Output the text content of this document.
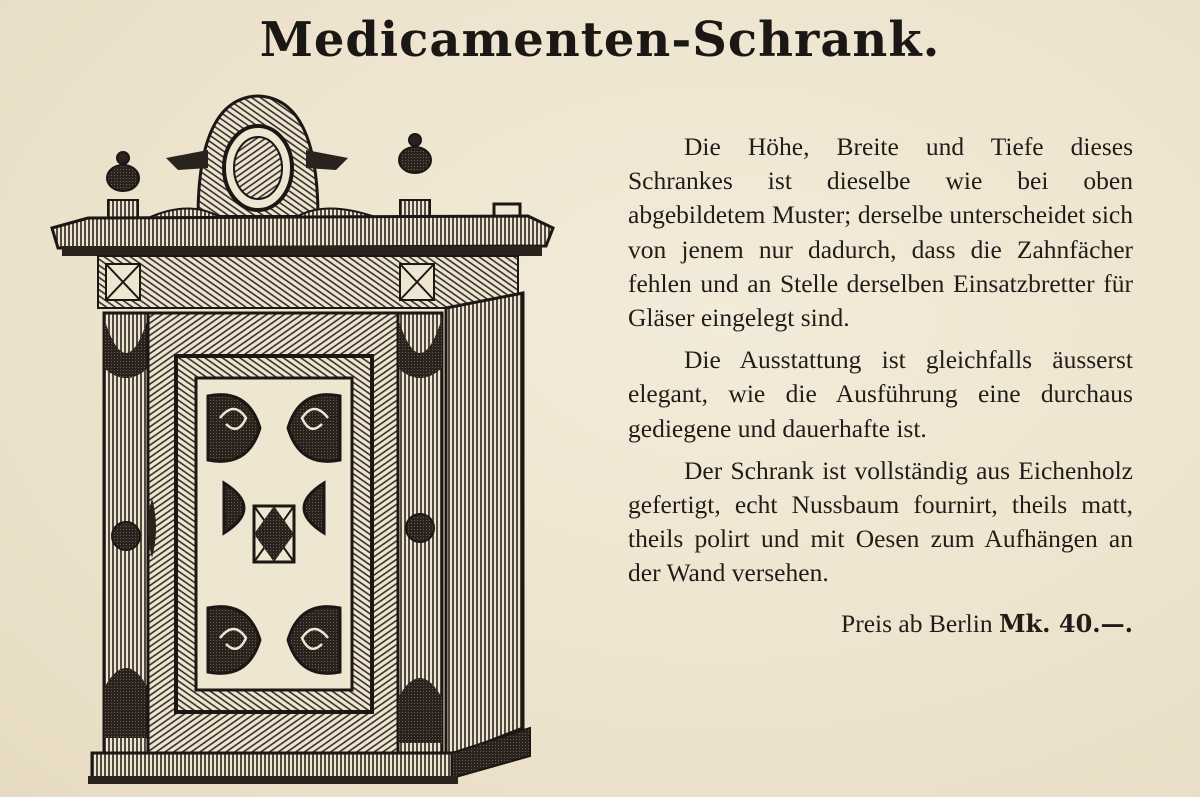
Medicamenten-Schrank.

Die Höhe, Breite und Tiefe dieses Schrankes ist dieselbe wie bei oben abgebildetem Muster; derselbe unterscheidet sich von jenem nur dadurch, dass die Zahnfächer fehlen und an Stelle derselben Einsatzbretter für Gläser eingelegt sind.

Die Ausstattung ist gleichfalls äusserst elegant, wie die Ausführung eine durchaus gediegene und dauerhafte ist.

Der Schrank ist vollständig aus Eichenholz gefertigt, echt Nussbaum fournirt, theils matt, theils polirt und mit Oesen zum Aufhängen an der Wand versehen.

Preis ab Berlin Mk. 40.—.
